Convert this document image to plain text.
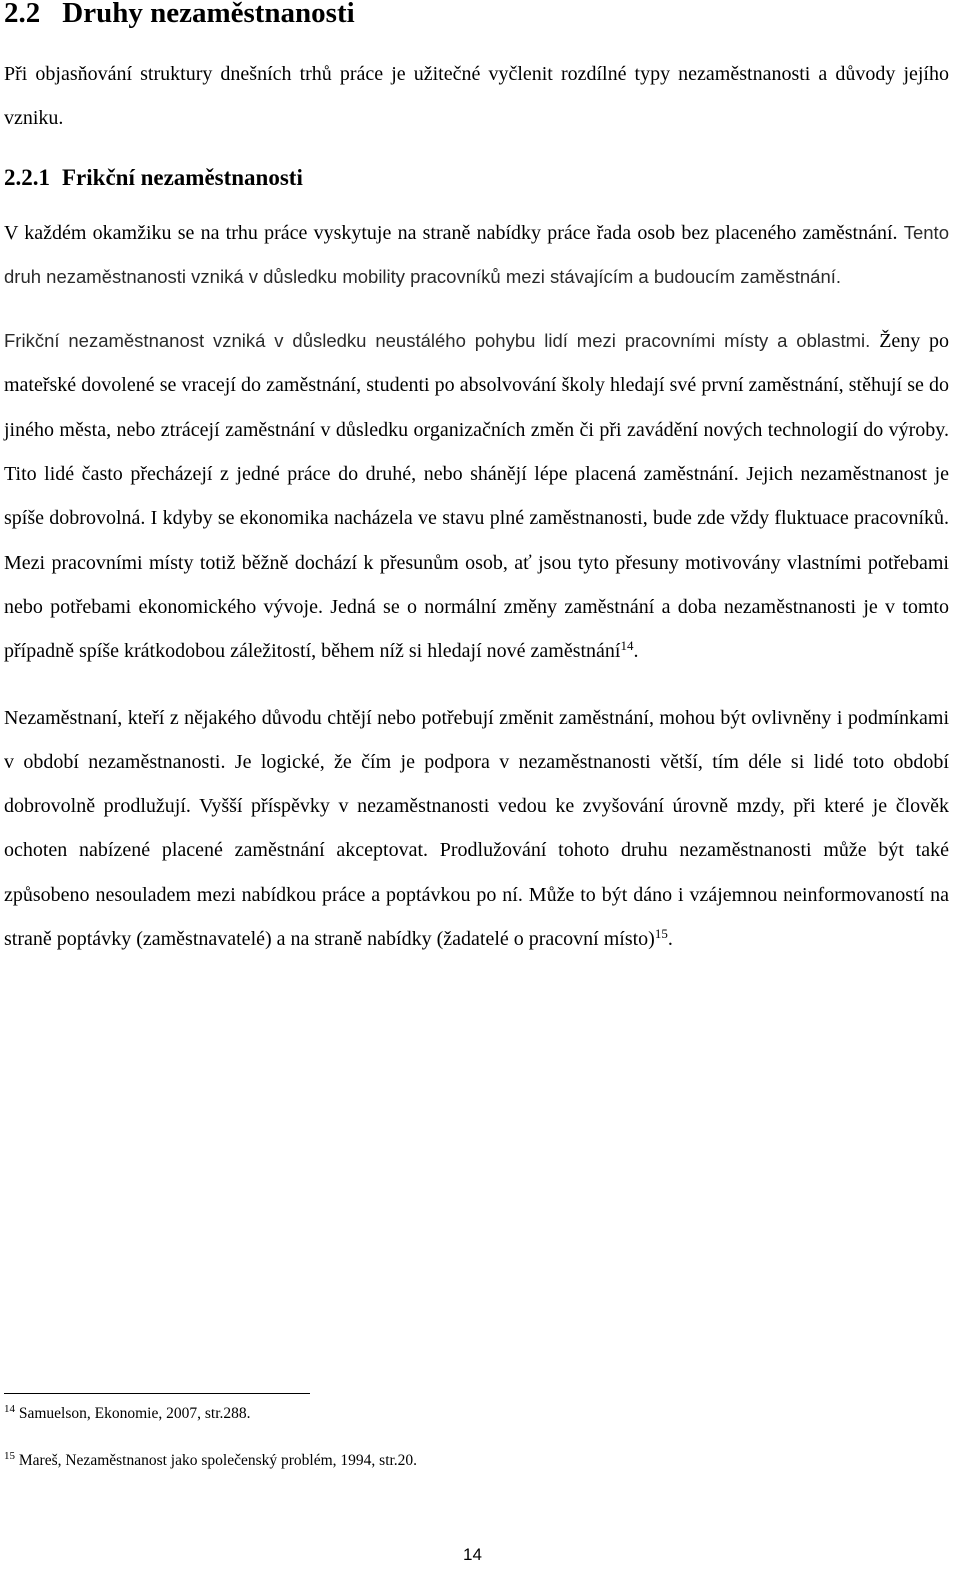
2.2 Druhy nezaměstnanosti

Při objasňování struktury dnešních trhů práce je užitečné vyčlenit rozdílné typy nezaměstnanosti a důvody jejího vzniku.

2.2.1 Frikční nezaměstnanosti

V každém okamžiku se na trhu práce vyskytuje na straně nabídky práce řada osob bez placeného zaměstnání. Tento druh nezaměstnanosti vzniká v důsledku mobility pracovníků mezi stávajícím a budoucím zaměstnání.

Frikční nezaměstnanost vzniká v důsledku neustálého pohybu lidí mezi pracovními místy a oblastmi. Ženy po mateřské dovolené se vracejí do zaměstnání, studenti po absolvování školy hledají své první zaměstnání, stěhují se do jiného města, nebo ztrácejí zaměstnání v důsledku organizačních změn či při zavádění nových technologií do výroby. Tito lidé často přecházejí z jedné práce do druhé, nebo shánějí lépe placená zaměstnání. Jejich nezaměstnanost je spíše dobrovolná. I kdyby se ekonomika nacházela ve stavu plné zaměstnanosti, bude zde vždy fluktuace pracovníků. Mezi pracovními místy totiž běžně dochází k přesunům osob, ať jsou tyto přesuny motivovány vlastními potřebami nebo potřebami ekonomického vývoje. Jedná se o normální změny zaměstnání a doba nezaměstnanosti je v tomto případně spíše krátkodobou záležitostí, během níž si hledají nové zaměstnání$^{14}$.

Nezaměstnaní, kteří z nějakého důvodu chtějí nebo potřebují změnit zaměstnání, mohou být ovlivněny i podmínkami v období nezaměstnanosti. Je logické, že čím je podpora v nezaměstnanosti větší, tím déle si lidé toto období dobrovolně prodlužují. Vyšší příspěvky v nezaměstnanosti vedou ke zvyšování úrovně mzdy, při které je člověk ochoten nabízené placené zaměstnání akceptovat. Prodlužování tohoto druhu nezaměstnanosti může být také způsobeno nesouladem mezi nabídkou práce a poptávkou po ní. Může to být dáno i vzájemnou neinformovaností na straně poptávky (zaměstnavatelé) a na straně nabídky (žadatelé o pracovní místo)$^{15}$.

$^{14}$ Samuelson, Ekonomie, 2007, str.288.
$^{15}$ Mareš, Nezaměstnanost jako společenský problém, 1994, str.20.
14
